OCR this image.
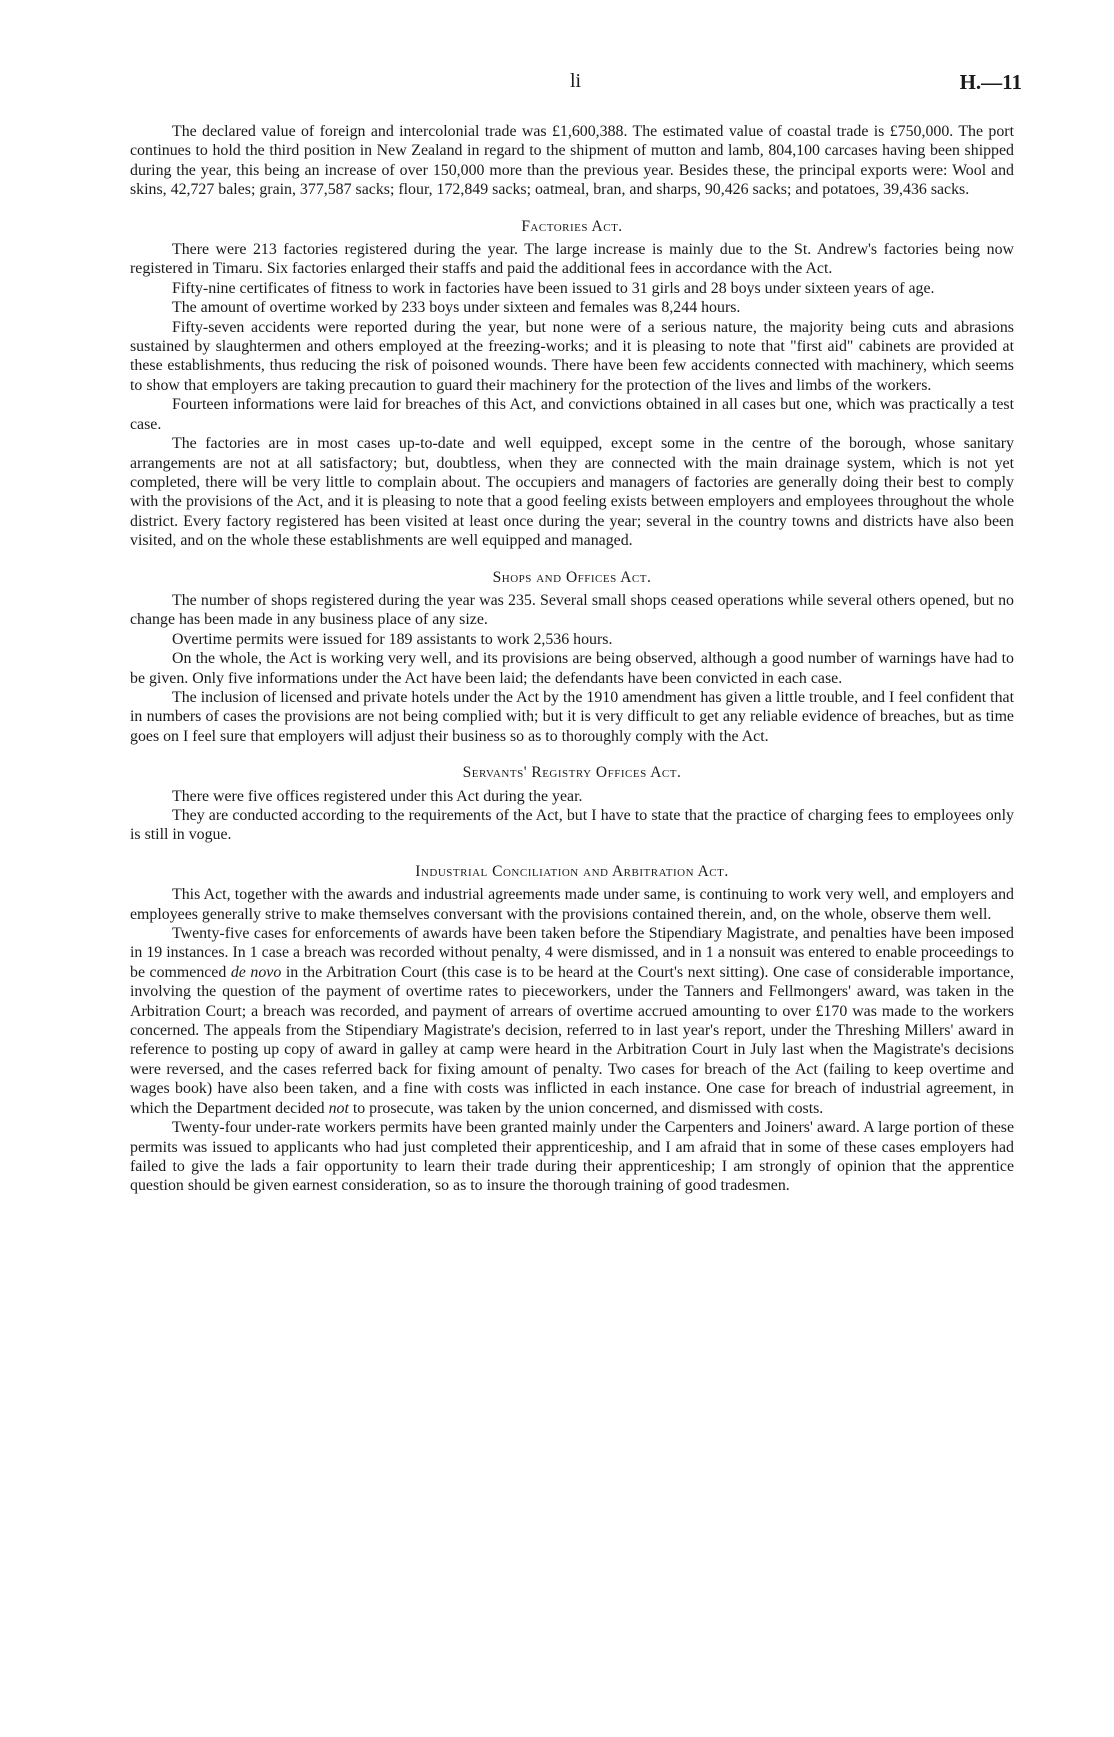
li	H.—11

The declared value of foreign and intercolonial trade was £1,600,388. The estimated value of coastal trade is £750,000. The port continues to hold the third position in New Zealand in regard to the shipment of mutton and lamb, 804,100 carcases having been shipped during the year, this being an increase of over 150,000 more than the previous year. Besides these, the principal exports were: Wool and skins, 42,727 bales; grain, 377,587 sacks; flour, 172,849 sacks; oatmeal, bran, and sharps, 90,426 sacks; and potatoes, 39,436 sacks.

Factories Act.

There were 213 factories registered during the year. The large increase is mainly due to the St. Andrew's factories being now registered in Timaru. Six factories enlarged their staffs and paid the additional fees in accordance with the Act.

Fifty-nine certificates of fitness to work in factories have been issued to 31 girls and 28 boys under sixteen years of age.

The amount of overtime worked by 233 boys under sixteen and females was 8,244 hours.

Fifty-seven accidents were reported during the year, but none were of a serious nature, the majority being cuts and abrasions sustained by slaughtermen and others employed at the freezing-works; and it is pleasing to note that "first aid" cabinets are provided at these establishments, thus reducing the risk of poisoned wounds. There have been few accidents connected with machinery, which seems to show that employers are taking precaution to guard their machinery for the protection of the lives and limbs of the workers.

Fourteen informations were laid for breaches of this Act, and convictions obtained in all cases but one, which was practically a test case.

The factories are in most cases up-to-date and well equipped, except some in the centre of the borough, whose sanitary arrangements are not at all satisfactory; but, doubtless, when they are connected with the main drainage system, which is not yet completed, there will be very little to complain about. The occupiers and managers of factories are generally doing their best to comply with the provisions of the Act, and it is pleasing to note that a good feeling exists between employers and employees throughout the whole district. Every factory registered has been visited at least once during the year; several in the country towns and districts have also been visited, and on the whole these establishments are well equipped and managed.

Shops and Offices Act.

The number of shops registered during the year was 235. Several small shops ceased operations while several others opened, but no change has been made in any business place of any size.

Overtime permits were issued for 189 assistants to work 2,536 hours.

On the whole, the Act is working very well, and its provisions are being observed, although a good number of warnings have had to be given. Only five informations under the Act have been laid; the defendants have been convicted in each case.

The inclusion of licensed and private hotels under the Act by the 1910 amendment has given a little trouble, and I feel confident that in numbers of cases the provisions are not being complied with; but it is very difficult to get any reliable evidence of breaches, but as time goes on I feel sure that employers will adjust their business so as to thoroughly comply with the Act.

Servants' Registry Offices Act.

There were five offices registered under this Act during the year.

They are conducted according to the requirements of the Act, but I have to state that the practice of charging fees to employees only is still in vogue.

Industrial Conciliation and Arbitration Act.

This Act, together with the awards and industrial agreements made under same, is continuing to work very well, and employers and employees generally strive to make themselves conversant with the provisions contained therein, and, on the whole, observe them well.

Twenty-five cases for enforcements of awards have been taken before the Stipendiary Magistrate, and penalties have been imposed in 19 instances. In 1 case a breach was recorded without penalty, 4 were dismissed, and in 1 a nonsuit was entered to enable proceedings to be commenced de novo in the Arbitration Court (this case is to be heard at the Court's next sitting). One case of considerable importance, involving the question of the payment of overtime rates to pieceworkers, under the Tanners and Fellmongers' award, was taken in the Arbitration Court; a breach was recorded, and payment of arrears of overtime accrued amounting to over £170 was made to the workers concerned. The appeals from the Stipendiary Magistrate's decision, referred to in last year's report, under the Threshing Millers' award in reference to posting up copy of award in galley at camp were heard in the Arbitration Court in July last when the Magistrate's decisions were reversed, and the cases referred back for fixing amount of penalty. Two cases for breach of the Act (failing to keep overtime and wages book) have also been taken, and a fine with costs was inflicted in each instance. One case for breach of industrial agreement, in which the Department decided not to prosecute, was taken by the union concerned, and dismissed with costs.

Twenty-four under-rate workers permits have been granted mainly under the Carpenters and Joiners' award. A large portion of these permits was issued to applicants who had just completed their apprenticeship, and I am afraid that in some of these cases employers had failed to give the lads a fair opportunity to learn their trade during their apprenticeship; I am strongly of opinion that the apprentice question should be given earnest consideration, so as to insure the thorough training of good tradesmen.
